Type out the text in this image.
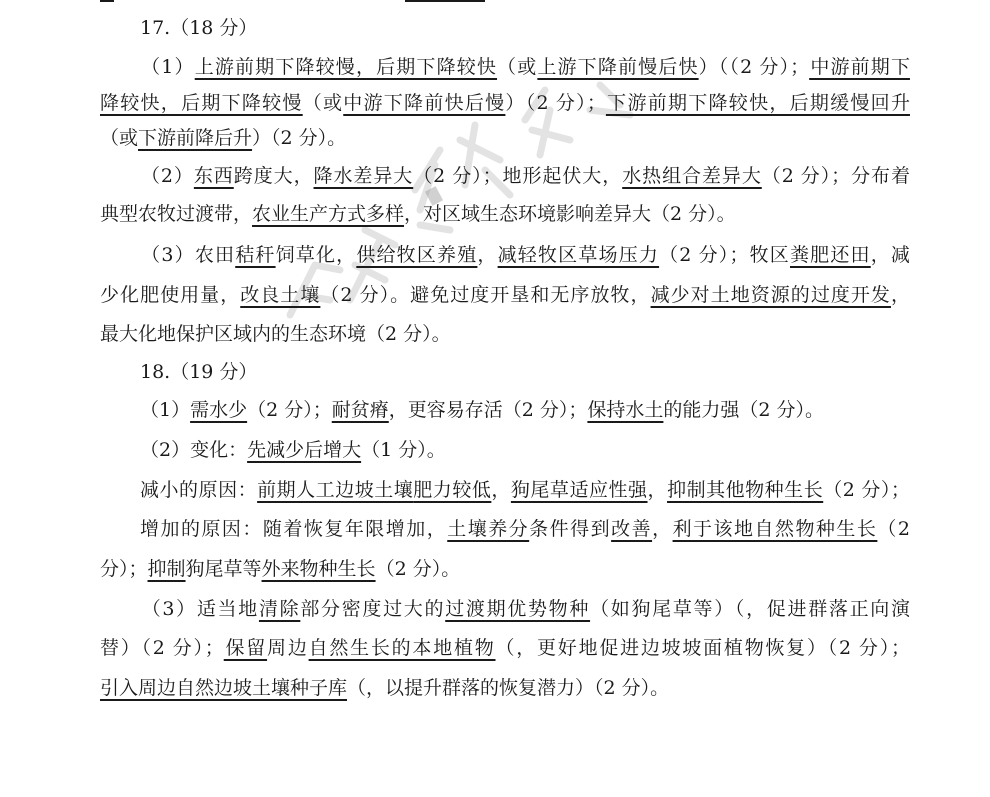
17.（18 分）
（1）上游前期下降较慢，后期下降较快（或上游下降前慢后快）（（2 分）；中游前期下
降较快，后期下降较慢（或中游下降前快后慢）（2 分）；下游前期下降较快，后期缓慢回升
（或下游前降后升）（2 分）。
（2）东西跨度大，降水差异大（2 分）；地形起伏大，水热组合差异大（2 分）；分布着
典型农牧过渡带，农业生产方式多样，对区域生态环境影响差异大（2 分）。
（3）农田秸秆饲草化，供给牧区养殖，减轻牧区草场压力（2 分）；牧区粪肥还田，减
少化肥使用量，改良土壤（2 分）。避免过度开垦和无序放牧，减少对土地资源的过度开发，
最大化地保护区域内的生态环境（2 分）。
18.（19 分）
（1）需水少（2 分）；耐贫瘠，更容易存活（2 分）；保持水土的能力强（2 分）。
（2）变化：先减少后增大（1 分）。
减小的原因：前期人工边坡土壤肥力较低，狗尾草适应性强，抑制其他物种生长（2 分）；
增加的原因：随着恢复年限增加，土壤养分条件得到改善，利于该地自然物种生长（2
分）；抑制狗尾草等外来物种生长（2 分）。
（3）适当地清除部分密度过大的过渡期优势物种（如狗尾草等）（，促进群落正向演
替）（2 分）；保留周边自然生长的本地植物（，更好地促进边坡坡面植物恢复）（2 分）；
引入周边自然边坡土壤种子库（，以提升群落的恢复潜力）（2 分）。
